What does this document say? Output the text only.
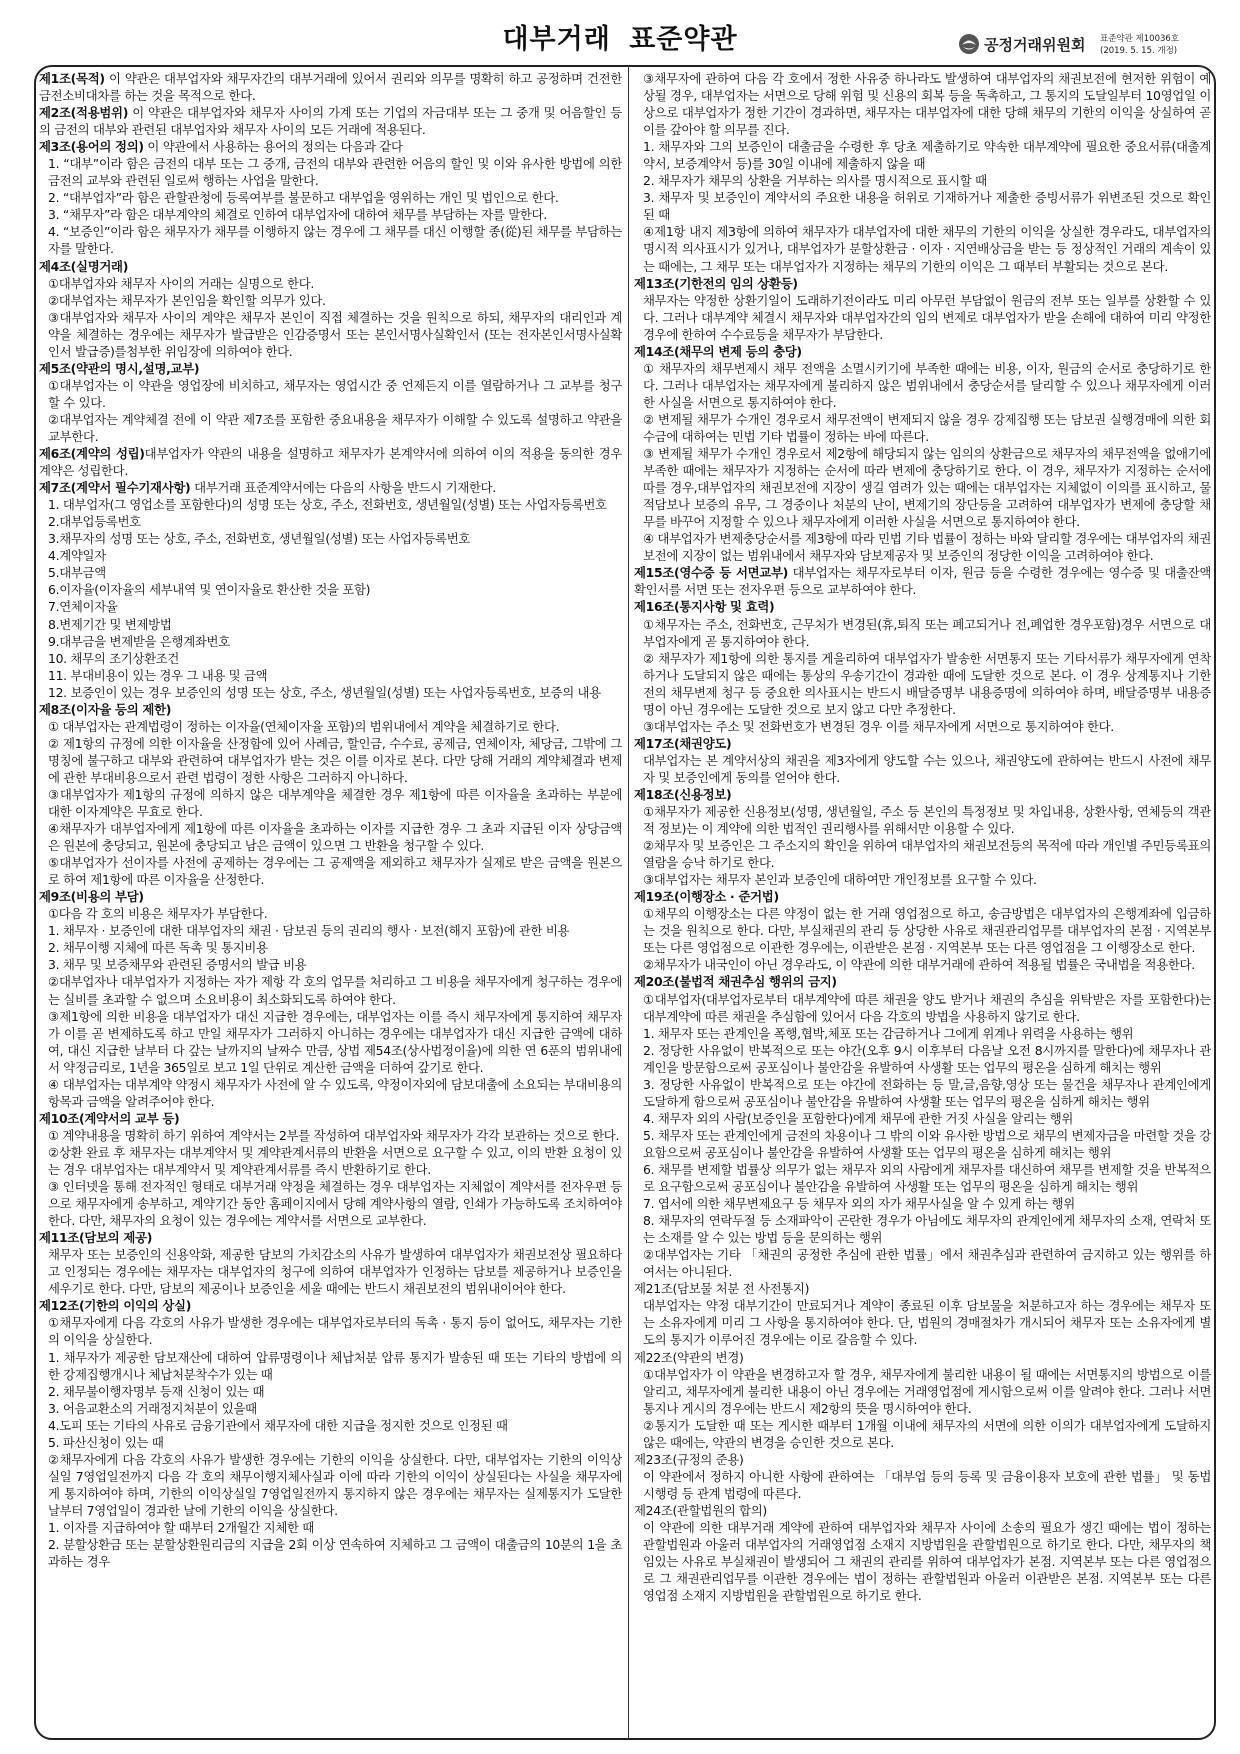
대부거래 표준약관	공정거래위원회 표준약관 제10036호
(2019. 5. 15. 개정)

제1조(목적) 이 약관은 대부업자와 채무자간의 대부거래에 있어서 권리와 의무를 명확히 하고 공정하며 건전한 금전소비대차를 하는 것을 목적으로 한다.

제2조(적용범위) 이 약관은 대부업자와 채무자 사이의 가계 또는 기업의 자금대부 또는 그 중개 및 어음할인 등의 금전의 대부와 관련된 대부업자와 채무자 사이의 모든 거래에 적용된다.

제3조(용어의 정의) 이 약관에서 사용하는 용어의 정의는 다음과 같다

1. “대부”이라 함은 금전의 대부 또는 그 중개, 금전의 대부와 관련한 어음의 할인 및 이와 유사한 방법에 의한 금전의 교부와 관련된 일로써 행하는 사업을 말한다.

2. “대부업자”라 함은 관할관청에 등록여부를 불문하고 대부업을 영위하는 개인 및 법인으로 한다.

3. “채무자”라 함은 대부계약의 체결로 인하여 대부업자에 대하여 채무를 부담하는 자를 말한다.

4. “보증인”이라 함은 채무자가 채무를 이행하지 않는 경우에 그 채무를 대신 이행할 종(從)된 채무를 부담하는 자를 말한다.

제4조(실명거래)

①대부업자와 채무자 사이의 거래는 실명으로 한다.

②대부업자는 채무자가 본인임을 확인할 의무가 있다.

③대부업자와 채무자 사이의 계약은 채무자 본인이 직접 체결하는 것을 원칙으로 하되, 채무자의 대리인과 계약을 체결하는 경우에는 채무자가 발급받은 인감증명서 또는 본인서명사실확인서 (또는 전자본인서명사실확인서 발급증)를첨부한 위임장에 의하여야 한다.

제5조(약관의 명시,설명,교부)

①대부업자는 이 약관을 영업장에 비치하고, 채무자는 영업시간 중 언제든지 이를 열람하거나 그 교부를 청구할 수 있다.

②대부업자는 계약체결 전에 이 약관 제7조를 포함한 중요내용을 채무자가 이해할 수 있도록 설명하고 약관을 교부한다.

제6조(계약의 성립)대부업자가 약관의 내용을 설명하고 채무자가 본계약서에 의하여 이의 적용을 동의한 경우 계약은 성립한다.

제7조(계약서 필수기재사항) 대부거래 표준계약서에는 다음의 사항을 반드시 기재한다.

1. 대부업자(그 영업소를 포함한다)의 성명 또는 상호, 주소, 전화번호, 생년월일(성별) 또는 사업자등록번호

2.대부업등록번호

3.채무자의 성명 또는 상호, 주소, 전화번호, 생년월일(성별) 또는 사업자등록번호

4.계약일자

5.대부금액

6.이자율(이자율의 세부내역 및 연이자율로 환산한 것을 포함)

7.연체이자율

8.변제기간 및 변제방법

9.대부금을 변제받을 은행계좌번호

10. 채무의 조기상환조건

11. 부대비용이 있는 경우 그 내용 및 금액

12. 보증인이 있는 경우 보증인의 성명 또는 상호, 주소, 생년월일(성별) 또는 사업자등록번호, 보증의 내용

제8조(이자율 등의 제한)

① 대부업자는 관계법령이 정하는 이자율(연체이자율 포함)의 범위내에서 계약을 체결하기로 한다.

② 제1항의 규정에 의한 이자율을 산정함에 있어 사례금, 할인금, 수수료, 공제금, 연체이자, 체당금, 그밖에 그 명칭에 불구하고 대부와 관련하여 대부업자가 받는 것은 이를 이자로 본다. 다만 당해 거래의 계약체결과 변제에 관한 부대비용으로서 관련 법령이 정한 사항은 그러하지 아니하다.

③대부업자가 제1항의 규정에 의하지 않은 대부계약을 체결한 경우 제1항에 따른 이자율을 초과하는 부분에 대한 이자계약은 무효로 한다.

④채무자가 대부업자에게 제1항에 따른 이자율을 초과하는 이자를 지급한 경우 그 초과 지급된 이자 상당금액은 원본에 충당되고, 원본에 충당되고 남은 금액이 있으면 그 반환을 청구할 수 있다.

⑤대부업자가 선이자를 사전에 공제하는 경우에는 그 공제액을 제외하고 채무자가 실제로 받은 금액을 원본으로 하여 제1항에 따른 이자율을 산정한다.

제9조(비용의 부담)

①다음 각 호의 비용은 채무자가 부담한다.

1. 채무자 · 보증인에 대한 대부업자의 채권 · 담보권 등의 권리의 행사 · 보전(해지 포함)에 관한 비용

2. 채무이행 지체에 따른 독촉 및 통지비용

3. 채무 및 보증채무와 관련된 증명서의 발급 비용

②대부업자나 대부업자가 지정하는 자가 제항 각 호의 업무를 처리하고 그 비용을 채무자에게 청구하는 경우에는 실비를 초과할 수 없으며 소요비용이 최소화되도록 하여야 한다.

③제1항에 의한 비용을 대부업자가 대신 지급한 경우에는, 대부업자는 이를 즉시 채무자에게 통지하여 채무자가 이를 곧 변제하도록 하고 만일 채무자가 그러하지 아니하는 경우에는 대부업자가 대신 지급한 금액에 대하여, 대신 지급한 날부터 다 갚는 날까지의 날짜수 만큼, 상법 제54조(상사법정이율)에 의한 연 6푼의 범위내에서 약정금리로, 1년을 365일로 보고 1일 단위로 계산한 금액을 더하여 갚기로 한다.

④ 대부업자는 대부계약 약정시 채무자가 사전에 알 수 있도록, 약정이자외에 담보대출에 소요되는 부대비용의 항목과 금액을 알려주어야 한다.

제10조(계약서의 교부 등)

① 계약내용을 명확히 하기 위하여 계약서는 2부를 작성하여 대부업자와 채무자가 각각 보관하는 것으로 한다.

②상환 완료 후 채무자는 대부계약서 및 계약관계서류의 반환을 서면으로 요구할 수 있고, 이의 반환 요청이 있는 경우 대부업자는 대부계약서 및 계약관계서류를 즉시 반환하기로 한다.

③ 인터넷을 통해 전자적인 형태로 대부거래 약정을 체결하는 경우 대부업자는 지체없이 계약서를 전자우편 등으로 채무자에게 송부하고, 계약기간 동안 홈페이지에서 당해 계약사항의 열람, 인쇄가 가능하도록 조치하여야 한다. 다만, 채무자의 요청이 있는 경우에는 계약서를 서면으로 교부한다.

제11조(담보의 제공)

채무자 또는 보증인의 신용악화, 제공한 담보의 가치감소의 사유가 발생하여 대부업자가 채권보전상 필요하다고 인정되는 경우에는 채무자는 대부업자의 청구에 의하여 대부업자가 인정하는 담보를 제공하거나 보증인을 세우기로 한다. 다만, 담보의 제공이나 보증인을 세울 때에는 반드시 채권보전의 범위내이어야 한다.

제12조(기한의 이익의 상실)

①채무자에게 다음 각호의 사유가 발생한 경우에는 대부업자로부터의 독촉 · 통지 등이 없어도, 채무자는 기한의 이익을 상실한다.

1. 채무자가 제공한 담보재산에 대하여 압류명령이나 체납처분 압류 통지가 발송된 때 또는 기타의 방법에 의한 강제집행개시나 체납처분착수가 있는 때

2. 채무불이행자명부 등재 신청이 있는 때

3. 어음교환소의 거래정지처분이 있을때

4.도피 또는 기타의 사유로 금융기관에서 채무자에 대한 지급을 정지한 것으로 인정된 때

5. 파산신청이 있는 때

②채무자에게 다음 각호의 사유가 발생한 경우에는 기한의 이익을 상실한다. 다만, 대부업자는 기한의 이익상실일 7영업일전까지 다음 각 호의 채무이행지체사실과 이에 따라 기한의 이익이 상실된다는 사실을 채무자에게 통지하여야 하며, 기한의 이익상실일 7영업일전까지 통지하지 않은 경우에는 채무자는 실제통지가 도달한 날부터 7영업일이 경과한 날에 기한의 이익을 상실한다.

1. 이자를 지급하여야 할 때부터 2개월간 지체한 때

2. 분할상환금 또는 분할상환원리금의 지급을 2회 이상 연속하여 지체하고 그 금액이 대출금의 10분의 1을 초과하는 경우

③채무자에 관하여 다음 각 호에서 정한 사유중 하나라도 발생하여 대부업자의 채권보전에 현저한 위험이 예상될 경우, 대부업자는 서면으로 당해 위험 및 신용의 회복 등을 독촉하고, 그 통지의 도달일부터 10영업일 이상으로 대부업자가 정한 기간이 경과하면, 채무자는 대부업자에 대한 당해 채무의 기한의 이익을 상실하여 곧 이를 갚아야 할 의무를 진다.

1. 채무자와 그의 보증인이 대출금을 수령한 후 당초 제출하기로 약속한 대부계약에 필요한 중요서류(대출계약서, 보증계약서 등)를 30일 이내에 제출하지 않을 때

2. 채무자가 채무의 상환을 거부하는 의사를 명시적으로 표시할 때

3. 채무자 및 보증인이 계약서의 주요한 내용을 허위로 기재하거나 제출한 증빙서류가 위변조된 것으로 확인된 때

④제1항 내지 제3항에 의하여 채무자가 대부업자에 대한 채무의 기한의 이익을 상실한 경우라도, 대부업자의 명시적 의사표시가 있거나, 대부업자가 분할상환금 · 이자 · 지연배상금을 받는 등 정상적인 거래의 계속이 있는 때에는, 그 채무 또는 대부업자가 지정하는 채무의 기한의 이익은 그 때부터 부활되는 것으로 본다.

제13조(기한전의 임의 상환등)

채무자는 약정한 상환기일이 도래하기전이라도 미리 아무런 부담없이 원금의 전부 또는 일부를 상환할 수 있다. 그러나 대부계약 체결시 채무자와 대부업자간의 임의 변제로 대부업자가 받을 손해에 대하여 미리 약정한 경우에 한하여 수수료등을 채무자가 부담한다.

제14조(채무의 변제 등의 충당)

① 채무자의 채무변제시 채무 전액을 소멸시키기에 부족한 때에는 비용, 이자, 원금의 순서로 충당하기로 한다. 그러나 대부업자는 채무자에게 불리하지 않은 범위내에서 충당순서를 달리할 수 있으나 채무자에게 이러한 사실을 서면으로 통지하여야 한다.

② 변제될 채무가 수개인 경우로서 채무전액이 변제되지 않을 경우 강제집행 또는 담보권 실행경매에 의한 회수금에 대하여는 민법 기타 법률이 정하는 바에 따른다.

③ 변제될 채무가 수개인 경우로서 제2항에 해당되지 않는 임의의 상환금으로 채무자의 채무전액을 없애기에 부족한 때에는 채무자가 지정하는 순서에 따라 변제에 충당하기로 한다. 이 경우, 채무자가 지정하는 순서에 따를 경우,대부업자의 채권보전에 지장이 생길 염려가 있는 때에는 대부업자는 지체없이 이의를 표시하고, 물적담보나 보증의 유무, 그 경중이나 처분의 난이, 변제기의 장단등을 고려하여 대부업자가 변제에 충당할 채무를 바꾸어 지정할 수 있으나 채무자에게 이러한 사실을 서면으로 통지하여야 한다.

④ 대부업자가 변제충당순서를 제3항에 따라 민법 기타 법률이 정하는 바와 달리할 경우에는 대부업자의 채권보전에 지장이 없는 범위내에서 채무자와 담보제공자 및 보증인의 정당한 이익을 고려하여야 한다.

제15조(영수증 등 서면교부) 대부업자는 채무자로부터 이자, 원금 등을 수령한 경우에는 영수증 및 대출잔액 확인서를 서면 또는 전자우편 등으로 교부하여야 한다.

제16조(통지사항 및 효력)

①채무자는 주소, 전화번호, 근무처가 변경된(휴,퇴직 또는 폐고되거나 전,폐업한 경우포함)경우 서면으로 대부업자에게 곧 통지하여야 한다.

② 채무자가 제1항에 의한 통지를 게을리하여 대부업자가 발송한 서면통지 또는 기타서류가 채무자에게 연착하거나 도달되지 않은 때에는 통상의 우송기간이 경과한 때에 도달한 것으로 본다. 이 경우 상계통지나 기한전의 채무변제 청구 등 중요한 의사표시는 반드시 배달증명부 내용증명에 의하여야 하며, 배달증명부 내용증명이 아닌 경우에는 도달한 것으로 보지 않고 다만 추정한다.

③대부업자는 주소 및 전화번호가 변경된 경우 이를 채무자에게 서면으로 통지하여야 한다.

제17조(채권양도)

대부업자는 본 계약서상의 채권을 제3자에게 양도할 수는 있으나, 채권양도에 관하여는 반드시 사전에 채무자 및 보증인에게 동의를 얻어야 한다.

제18조(신용정보)

①채무자가 제공한 신용정보(성명, 생년월일, 주소 등 본인의 특정정보 및 차입내용, 상환사항, 연체등의 객관적 정보)는 이 계약에 의한 법적인 권리행사를 위해서만 이용할 수 있다.

②채무자 및 보증인은 그 주소지의 확인을 위하여 대부업자의 채권보전등의 목적에 따라 개인별 주민등록표의 열람을 승낙 하기로 한다.

③대부업자는 채무자 본인과 보증인에 대하여만 개인정보를 요구할 수 있다.

제19조(이행장소 · 준거법)

①채무의 이행장소는 다른 약정이 없는 한 거래 영업점으로 하고, 송금방법은 대부업자의 은행계좌에 입금하는 것을 원칙으로 한다. 다만, 부실채권의 관리 등 상당한 사유로 채권관리업무를 대부업자의 본점 · 지역본부 또는 다른 영업점으로 이관한 경우에는, 이관받은 본점 · 지역본부 또는 다른 영업점을 그 이행장소로 한다.

②채무자가 내국인이 아닌 경우라도, 이 약관에 의한 대부거래에 관하여 적용될 법률은 국내법을 적용한다.

제20조(불법적 채권추심 행위의 금지)

①대부업자(대부업자로부터 대부계약에 따른 채권을 양도 받거나 채권의 추심을 위탁받은 자를 포함한다)는 대부계약에 따른 채권을 추심함에 있어서 다음 각호의 방법을 사용하지 않기로 한다.

1. 채무자 또는 관계인을 폭행,협박,체포 또는 감금하거나 그에게 위계나 위력을 사용하는 행위

2. 정당한 사유없이 반복적으로 또는 야간(오후 9시 이후부터 다음날 오전 8시까지를 말한다)에 채무자나 관계인을 방문함으로써 공포심이나 불안감을 유발하여 사생활 또는 업무의 평온을 심하게 해치는 행위

3. 정당한 사유없이 반복적으로 또는 야간에 전화하는 등 말,글,음향,영상 또는 물건을 채무자나 관계인에게 도달하게 함으로써 공포심이나 불안감을 유발하여 사생활 또는 업무의 평온을 심하게 해치는 행위

4. 채무자 외의 사람(보증인을 포함한다)에게 채무에 관한 거짓 사실을 알리는 행위

5. 채무자 또는 관계인에게 금전의 차용이나 그 밖의 이와 유사한 방법으로 채무의 변제자금을 마련할 것을 강요함으로써 공포심이나 불안감을 유발하여 사생활 또는 업무의 평온을 심하게 해치는 행위

6. 채무를 변제할 법률상 의무가 없는 채무자 외의 사람에게 채무자를 대신하여 채무를 변제할 것을 반복적으로 요구함으로써 공포심이나 불안감을 유발하여 사생활 또는 업무의 평온을 심하게 해치는 행위

7. 엽서에 의한 채무변제요구 등 채무자 외의 자가 채무사실을 알 수 있게 하는 행위

8. 채무자의 연락두절 등 소재파악이 곤란한 경우가 아님에도 채무자의 관계인에게 채무자의 소재, 연락처 또는 소재를 알 수 있는 방법 등을 문의하는 행위

②대부업자는 기타 「채권의 공정한 추심에 관한 법률」에서 채권추심과 관련하여 금지하고 있는 행위를 하여서는 아니된다.

제21조(담보물 처분 전 사전통지)

대부업자는 약정 대부기간이 만료되거나 계약이 종료된 이후 담보물을 처분하고자 하는 경우에는 채무자 또는 소유자에게 미리 그 사항을 통지하여야 한다. 단, 법원의 경매절차가 개시되어 채무자 또는 소유자에게 별도의 통지가 이루어진 경우에는 이로 갈음할 수 있다.

제22조(약관의 변경)

①대부업자가 이 약관을 변경하고자 할 경우, 채무자에게 불리한 내용이 될 때에는 서면통지의 방법으로 이를 알리고, 채무자에게 불리한 내용이 아닌 경우에는 거래영업점에 게시함으로써 이를 알려야 한다. 그러나 서면통지나 게시의 경우에는 반드시 제2항의 뜻을 명시하여야 한다.

②통지가 도달한 때 또는 게시한 때부터 1개월 이내에 채무자의 서면에 의한 이의가 대부업자에게 도달하지 않은 때에는, 약관의 변경을 승인한 것으로 본다.

제23조(규정의 준용)

이 약관에서 정하지 아니한 사항에 관하여는 「대부업 등의 등록 및 금융이용자 보호에 관한 법률」 및 동법 시행령 등 관계 법령에 따른다.

제24조(관할법원의 합의)

이 약관에 의한 대부거래 계약에 관하여 대부업자와 채무자 사이에 소송의 필요가 생긴 때에는 법이 정하는 관할법원과 아울러 대부업자의 거래영업점 소재지 지방법원을 관할법원으로 하기로 한다. 다만, 채무자의 책임있는 사유로 부실채권이 발생되어 그 채권의 관리를 위하여 대부업자가 본점. 지역본부 또는 다른 영업점으로 그 채권관리업무를 이관한 경우에는 법이 정하는 관할법원과 아울러 이관받은 본점. 지역본부 또는 다른 영업점 소재지 지방법원을 관할법원으로 하기로 한다.
